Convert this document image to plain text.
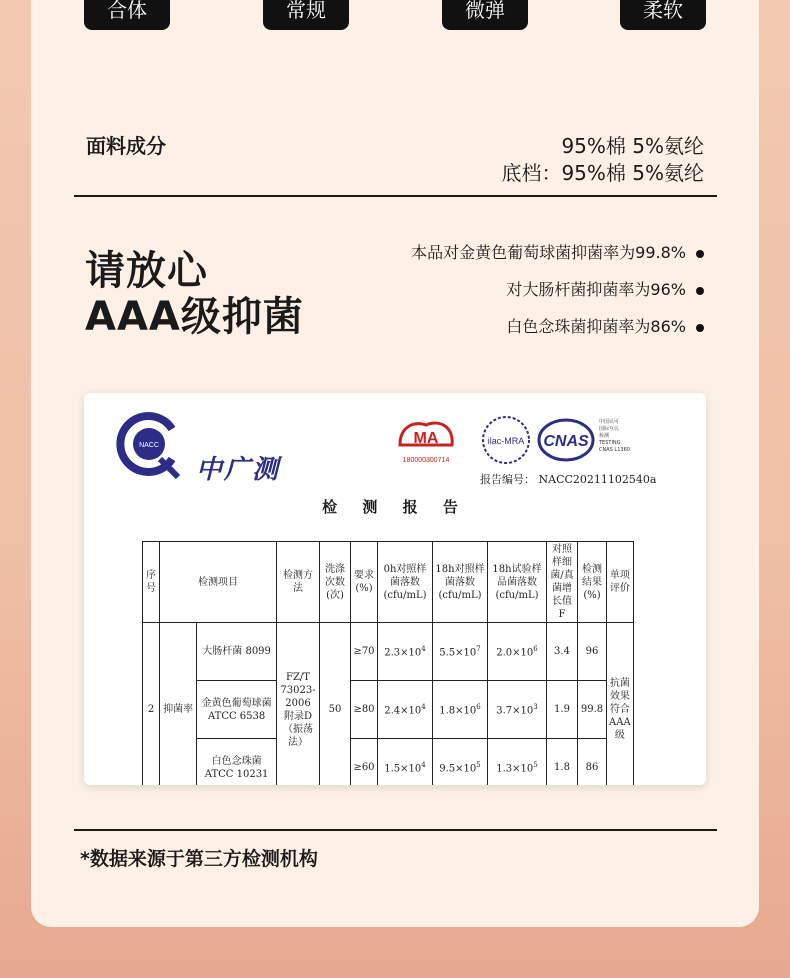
合体	常规	微弹	柔软
面料成分	95%棉 5%氨纶
底档：95%棉 5%氨纶
请放心
AAA级抑菌
本品对金黄色葡萄球菌抑菌率为99.8%
对大肠杆菌抑菌率为96%
白色念珠菌抑菌率为86%
NACC
中广测
MA
180000300714
ilac-MRA CNAS
中国认可
国际互认
检测
TESTING
CNAS L1360
报告编号： NACC20211102540a
检 测 报 告
序号	检测项目		检测方法	洗涤次数(次)	要求(%)	0h对照样菌落数(cfu/mL)	18h对照样菌落数(cfu/mL)	18h试验样品菌落数(cfu/mL)	对照样细菌/真菌增长值F	检测结果(%)	单项评价
2	抑菌率	大肠杆菌 8099	FZ/T 73023-2006 附录D（振荡法）	50	≥70	$2.3\times 10^4$	$5.5\times 10^7$	$2.0\times 10^6$	3.4	96	抗菌效果符合AAA级
		金黄色葡萄球菌 ATCC 6538			≥80	$2.4\times 10^4$	$1.8\times 10^6$	$3.7\times 10^3$	1.9	99.8	
		白色念珠菌 ATCC 10231			≥60	$1.5\times 10^4$	$9.5\times 10^5$	$1.3\times 10^5$	1.8	86	
*数据来源于第三方检测机构
